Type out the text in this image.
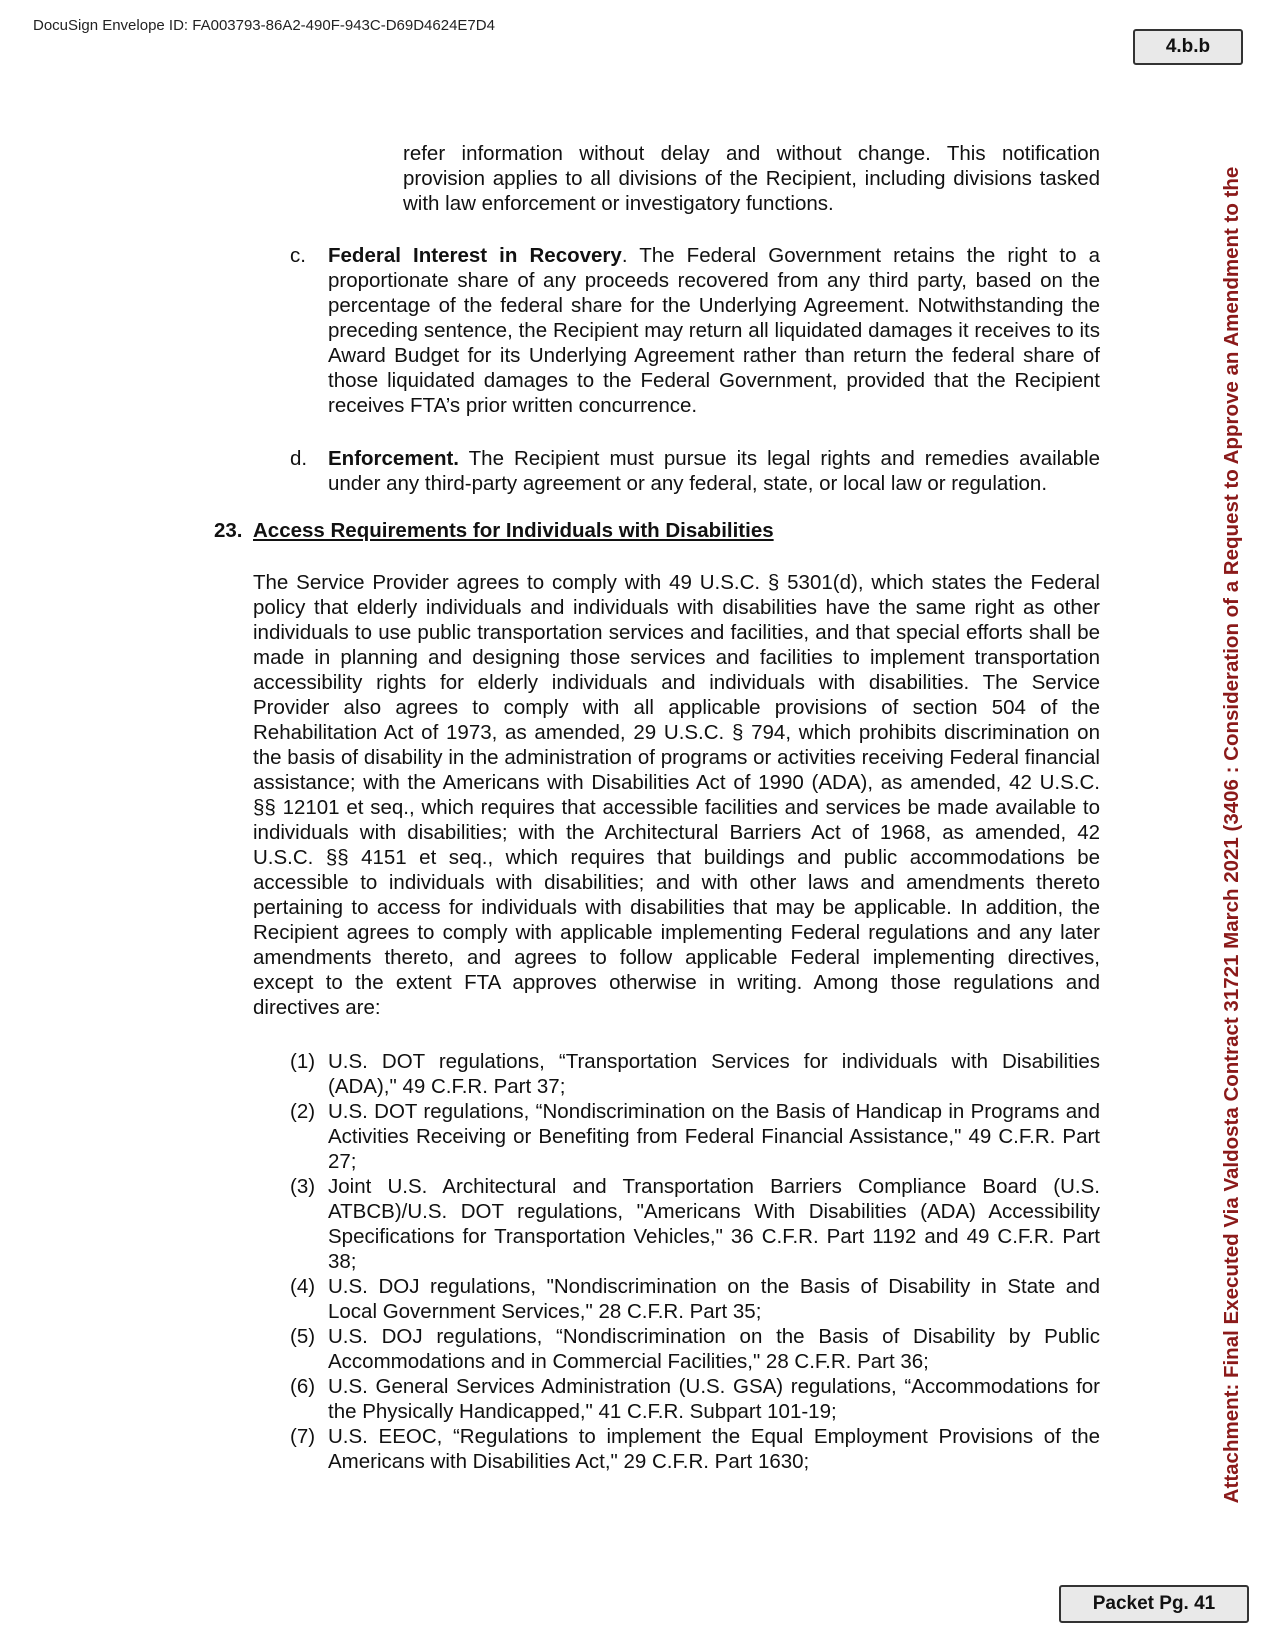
DocuSign Envelope ID: FA003793-86A2-490F-943C-D69D4624E7D4
4.b.b
Attachment: Final Executed Via Valdosta Contract 31721 March 2021 (3406 : Consideration of a Request to Approve an Amendment to the
refer information without delay and without change. This notification provision applies to all divisions of the Recipient, including divisions tasked with law enforcement or investigatory functions.
c.	Federal Interest in Recovery. The Federal Government retains the right to a proportionate share of any proceeds recovered from any third party, based on the percentage of the federal share for the Underlying Agreement. Notwithstanding the preceding sentence, the Recipient may return all liquidated damages it receives to its Award Budget for its Underlying Agreement rather than return the federal share of those liquidated damages to the Federal Government, provided that the Recipient receives FTA’s prior written concurrence.
d.	Enforcement. The Recipient must pursue its legal rights and remedies available under any third-party agreement or any federal, state, or local law or regulation.
23. Access Requirements for Individuals with Disabilities
The Service Provider agrees to comply with 49 U.S.C. § 5301(d), which states the Federal policy that elderly individuals and individuals with disabilities have the same right as other individuals to use public transportation services and facilities, and that special efforts shall be made in planning and designing those services and facilities to implement transportation accessibility rights for elderly individuals and individuals with disabilities. The Service Provider also agrees to comply with all applicable provisions of section 504 of the Rehabilitation Act of 1973, as amended, 29 U.S.C. § 794, which prohibits discrimination on the basis of disability in the administration of programs or activities receiving Federal financial assistance; with the Americans with Disabilities Act of 1990 (ADA), as amended, 42 U.S.C. §§ 12101 et seq., which requires that accessible facilities and services be made available to individuals with disabilities; with the Architectural Barriers Act of 1968, as amended, 42 U.S.C. §§ 4151 et seq., which requires that buildings and public accommodations be accessible to individuals with disabilities; and with other laws and amendments thereto pertaining to access for individuals with disabilities that may be applicable. In addition, the Recipient agrees to comply with applicable implementing Federal regulations and any later amendments thereto, and agrees to follow applicable Federal implementing directives, except to the extent FTA approves otherwise in writing. Among those regulations and directives are:
(1) U.S. DOT regulations, “Transportation Services for individuals with Disabilities (ADA)," 49 C.F.R. Part 37;
(2) U.S. DOT regulations, “Nondiscrimination on the Basis of Handicap in Programs and Activities Receiving or Benefiting from Federal Financial Assistance," 49 C.F.R. Part 27;
(3) Joint U.S. Architectural and Transportation Barriers Compliance Board (U.S. ATBCB)/U.S. DOT regulations, "Americans With Disabilities (ADA) Accessibility Specifications for Transportation Vehicles," 36 C.F.R. Part 1192 and 49 C.F.R. Part 38;
(4) U.S. DOJ regulations, "Nondiscrimination on the Basis of Disability in State and Local Government Services," 28 C.F.R. Part 35;
(5) U.S. DOJ regulations, “Nondiscrimination on the Basis of Disability by Public Accommodations and in Commercial Facilities," 28 C.F.R. Part 36;
(6) U.S. General Services Administration (U.S. GSA) regulations, “Accommodations for the Physically Handicapped," 41 C.F.R. Subpart 101-19;
(7) U.S. EEOC, “Regulations to implement the Equal Employment Provisions of the Americans with Disabilities Act," 29 C.F.R. Part 1630;
Packet Pg. 41
